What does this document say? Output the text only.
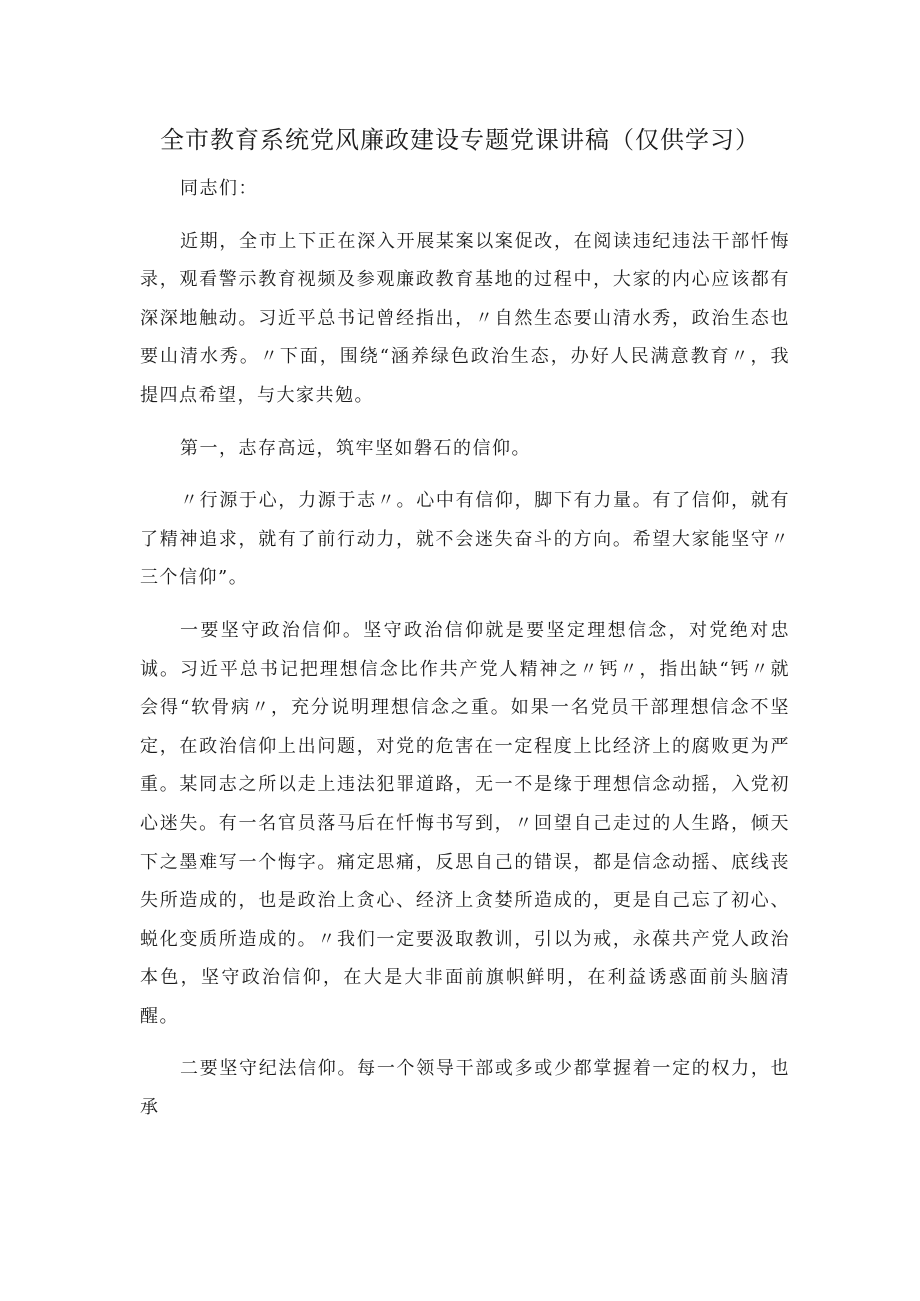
全市教育系统党风廉政建设专题党课讲稿（仅供学习）

同志们：

近期，全市上下正在深入开展某案以案促改，在阅读违纪违法干部忏悔录，观看警示教育视频及参观廉政教育基地的过程中，大家的内心应该都有深深地触动。习近平总书记曾经指出，〃自然生态要山清水秀，政治生态也要山清水秀。〃下面，围绕“涵养绿色政治生态，办好人民满意教育〃，我提四点希望，与大家共勉。

第一，志存高远，筑牢坚如磐石的信仰。

〃行源于心，力源于志〃。心中有信仰，脚下有力量。有了信仰，就有了精神追求，就有了前行动力，就不会迷失奋斗的方向。希望大家能坚守〃三个信仰”。

一要坚守政治信仰。坚守政治信仰就是要坚定理想信念，对党绝对忠诚。习近平总书记把理想信念比作共产党人精神之〃钙〃，指出缺“钙〃就会得“软骨病〃，充分说明理想信念之重。如果一名党员干部理想信念不坚定，在政治信仰上出问题，对党的危害在一定程度上比经济上的腐败更为严重。某同志之所以走上违法犯罪道路，无一不是缘于理想信念动摇，入党初心迷失。有一名官员落马后在忏悔书写到，〃回望自己走过的人生路，倾天下之墨难写一个悔字。痛定思痛，反思自己的错误，都是信念动摇、底线丧失所造成的，也是政治上贪心、经济上贪婪所造成的，更是自己忘了初心、蜕化变质所造成的。〃我们一定要汲取教训，引以为戒，永葆共产党人政治本色，坚守政治信仰，在大是大非面前旗帜鲜明，在利益诱惑面前头脑清醒。

二要坚守纪法信仰。每一个领导干部或多或少都掌握着一定的权力，也承
